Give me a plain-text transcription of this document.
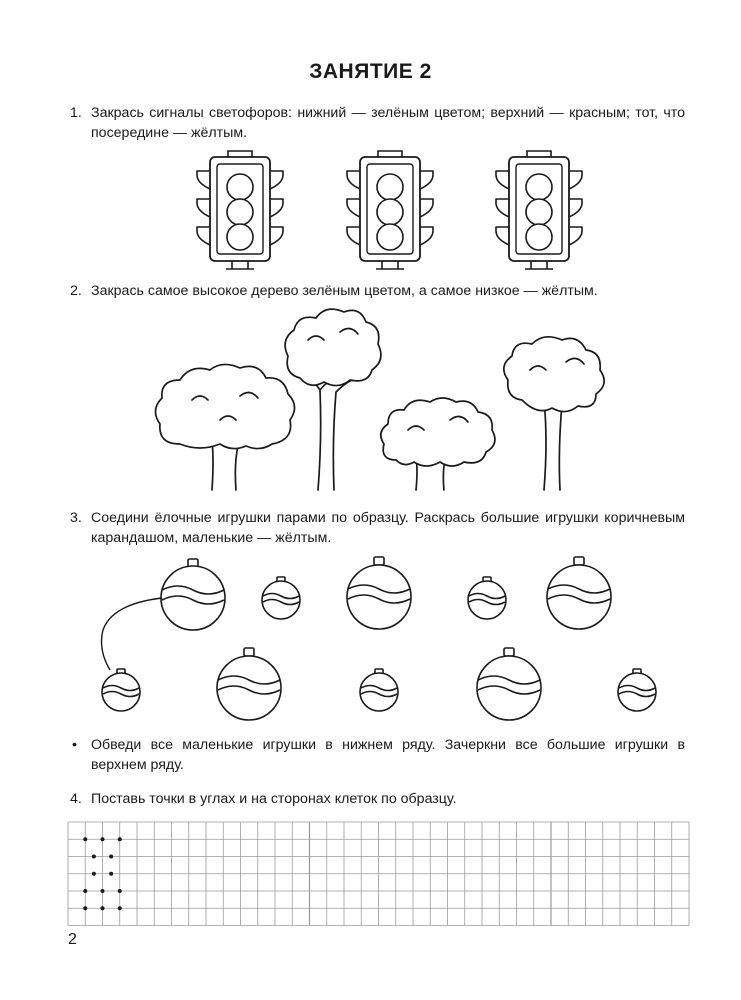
ЗАНЯТИЕ 2
1. Закрась сигналы светофоров: нижний — зелёным цветом; верхний — красным; тот, что посередине — жёлтым.
2. Закрась самое высокое дерево зелёным цветом, а самое низкое — жёлтым.
3. Соедини ёлочные игрушки парами по образцу. Раскрась большие игрушки коричневым карандашом, маленькие — жёлтым.
• Обведи все маленькие игрушки в нижнем ряду. Зачеркни все большие игрушки в верхнем ряду.
4. Поставь точки в углах и на сторонах клеток по образцу.
2
